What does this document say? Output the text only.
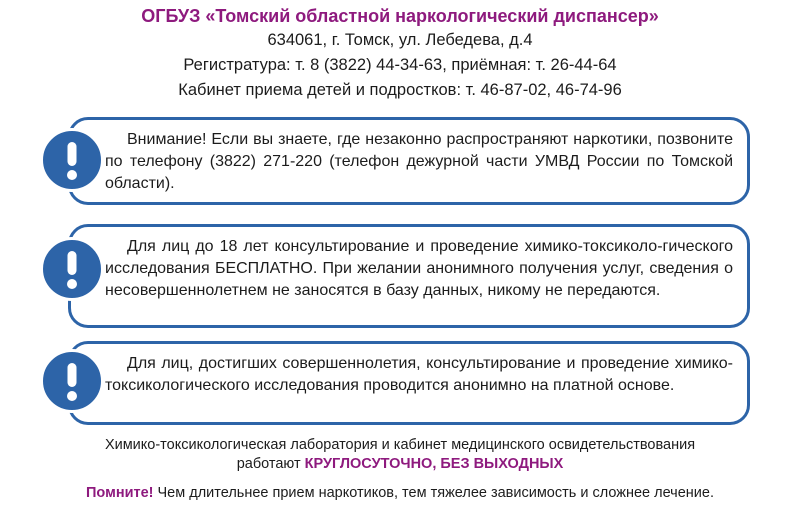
ОГБУЗ «Томский областной наркологический диспансер»
634061, г. Томск, ул. Лебедева, д.4
Регистратура: т. 8 (3822) 44-34-63, приёмная: т. 26-44-64
Кабинет приема детей и подростков: т. 46-87-02, 46-74-96

Внимание! Если вы знаете, где незаконно распространяют наркотики, позвоните по телефону (3822) 271-220 (телефон дежурной части УМВД России по Томской области).

Для лиц до 18 лет консультирование и проведение химико-токсиколо-гического исследования БЕСПЛАТНО. При желании анонимного получения услуг, сведения о несовершеннолетнем не заносятся в базу данных, никому не передаются.

Для лиц, достигших совершеннолетия, консультирование и проведение химико-токсикологического исследования проводится анонимно на платной основе.

Химико-токсикологическая лаборатория и кабинет медицинского освидетельствования
работают КРУГЛОСУТОЧНО, БЕЗ ВЫХОДНЫХ
Помните! Чем длительнее прием наркотиков, тем тяжелее зависимость и сложнее лечение.
